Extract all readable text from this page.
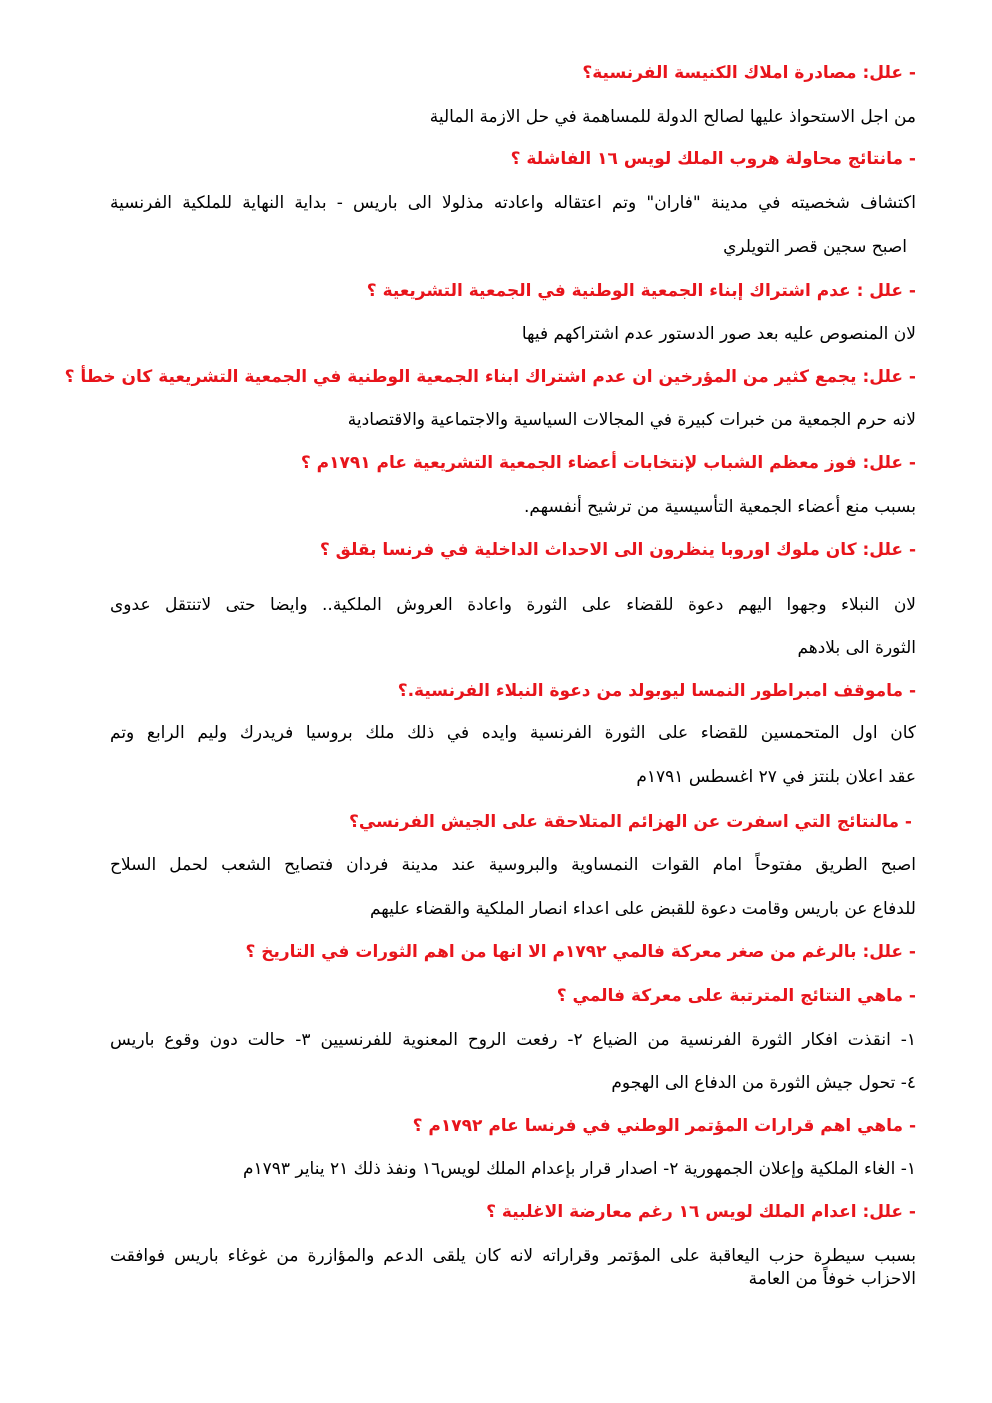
- علل: مصادرة املاك الكنيسة الفرنسية؟
من اجل الاستحواذ عليها لصالح الدولة للمساهمة في حل الازمة المالية
- مانتائج محاولة هروب الملك لويس ١٦ الفاشلة ؟
اكتشاف شخصيته في مدينة "فاران" وتم اعتقاله واعادته مذلولا الى باريس - بداية النهاية للملكية الفرنسية
اصبح سجين قصر التويلري
- علل : عدم اشتراك إبناء الجمعية الوطنية في الجمعية التشريعية ؟
لان المنصوص عليه بعد صور الدستور عدم اشتراكهم فيها
- علل: يجمع كثير من المؤرخين ان عدم اشتراك ابناء الجمعية الوطنية في الجمعية التشريعية كان خطأ ؟
لانه حرم الجمعية من خبرات كبيرة في المجالات السياسية والاجتماعية والاقتصادية
- علل: فوز معظم الشباب لإنتخابات أعضاء الجمعية التشريعية عام ١٧٩١م ؟
بسبب منع أعضاء الجمعية التأسيسية من ترشيح أنفسهم.
- علل: كان ملوك اوروبا ينظرون الى الاحداث الداخلية في فرنسا بقلق ؟
لان النبلاء وجهوا اليهم دعوة للقضاء على الثورة واعادة العروش الملكية.. وايضا حتى لاتنتقل عدوى
الثورة الى بلادهم
- ماموقف امبراطور النمسا ليوبولد من دعوة النبلاء الفرنسية.؟
كان اول المتحمسين للقضاء على الثورة الفرنسية وايده في ذلك ملك بروسيا فريدرك وليم الرابع وتم
عقد اعلان بلنتز في ٢٧ اغسطس ١٧٩١م
- مالنتائج التي اسفرت عن الهزائم المتلاحقة على الجيش الفرنسي؟
اصبح الطريق مفتوحاً امام القوات النمساوية والبروسية عند مدينة فردان فتصايح الشعب لحمل السلاح
للدفاع عن باريس وقامت دعوة للقبض على اعداء انصار الملكية والقضاء عليهم
- علل: بالرغم من صغر معركة فالمي ١٧٩٢م الا انها من اهم الثورات في التاريخ ؟
- ماهي النتائج المترتبة على معركة فالمي ؟
١- انقذت افكار الثورة الفرنسية من الضياع ٢- رفعت الروح المعنوية للفرنسيين ٣- حالت دون وقوع باريس
٤- تحول جيش الثورة من الدفاع الى الهجوم
- ماهي اهم قرارات المؤتمر الوطني في فرنسا عام ١٧٩٢م ؟
١- الغاء الملكية وإعلان الجمهورية ٢- اصدار قرار بإعدام الملك لويس١٦ ونفذ ذلك ٢١ يناير ١٧٩٣م
- علل: اعدام الملك لويس ١٦ رغم معارضة الاغلبية ؟
بسبب سيطرة حزب اليعاقبة على المؤتمر وقراراته لانه كان يلقى الدعم والمؤازرة من غوغاء باريس فوافقت
الاحزاب خوفاً من العامة
